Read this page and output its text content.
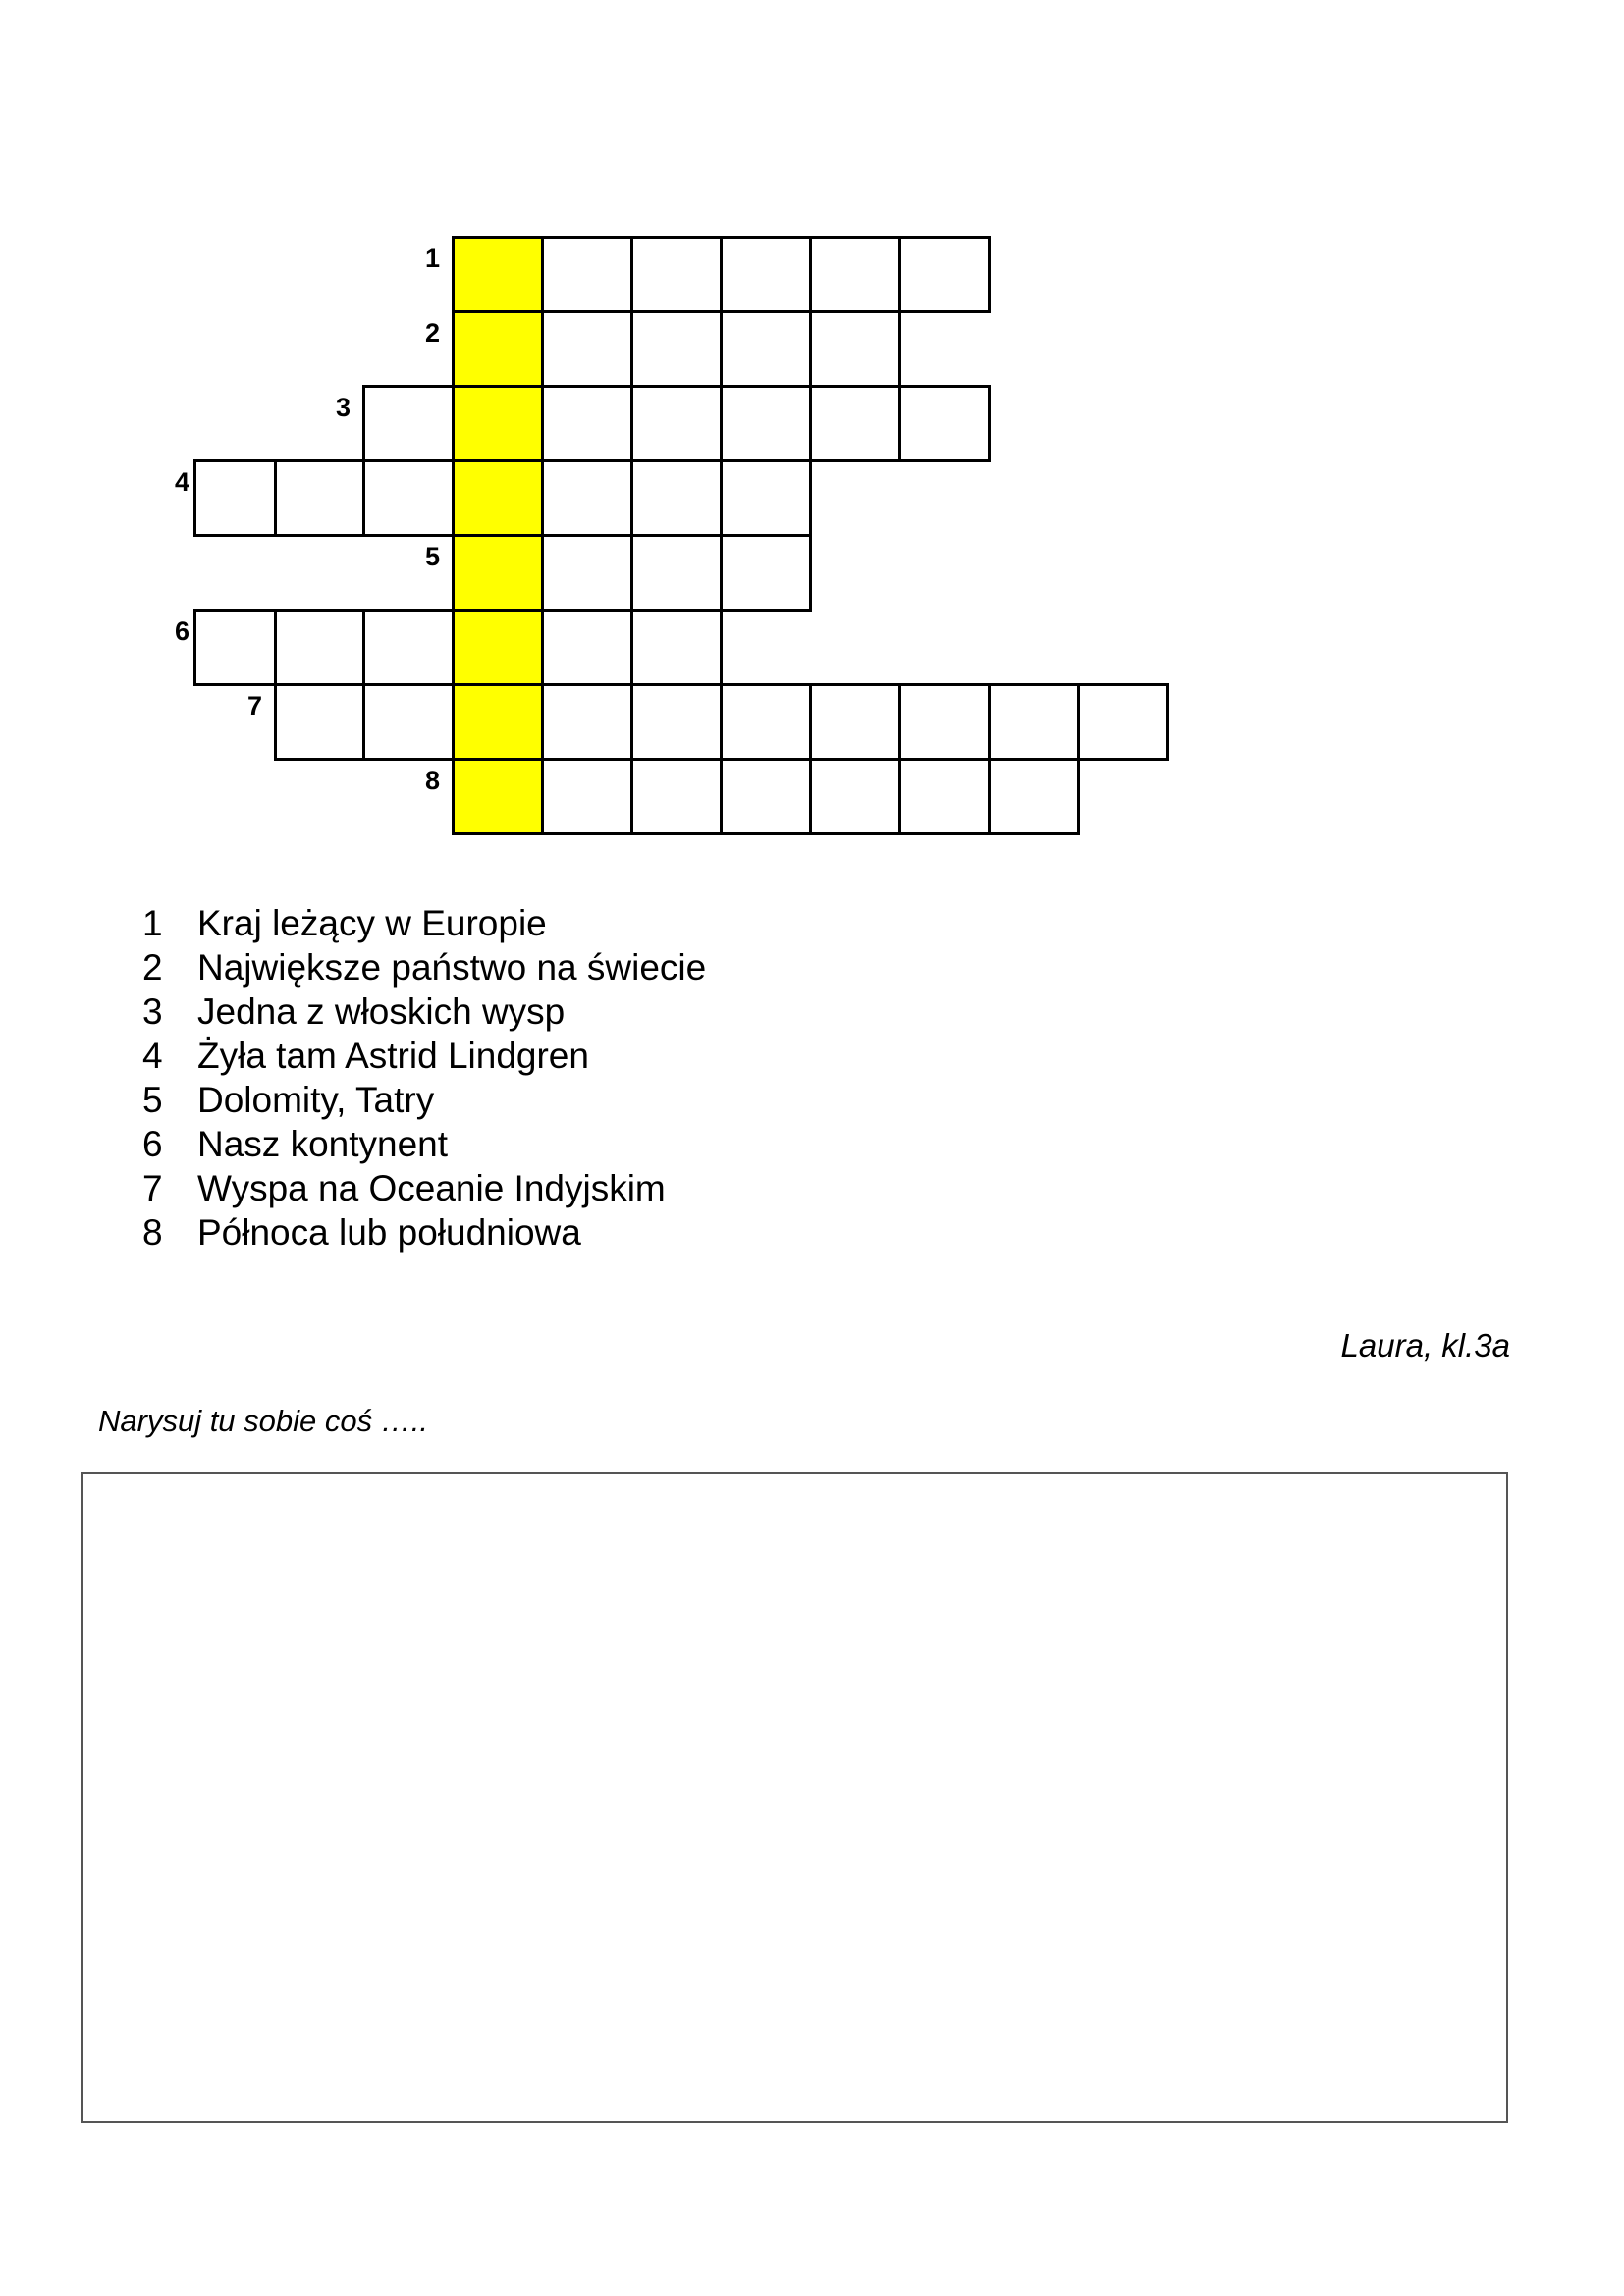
1
2
3
4
5
6
7
8
1 Kraj leżący w Europie
2 Największe państwo na świecie
3 Jedna z włoskich wysp
4 Żyła tam Astrid Lindgren
5 Dolomity, Tatry
6 Nasz kontynent
7 Wyspa na Oceanie Indyjskim
8 Północa lub południowa
Laura, kl.3a
Narysuj tu sobie coś …..
